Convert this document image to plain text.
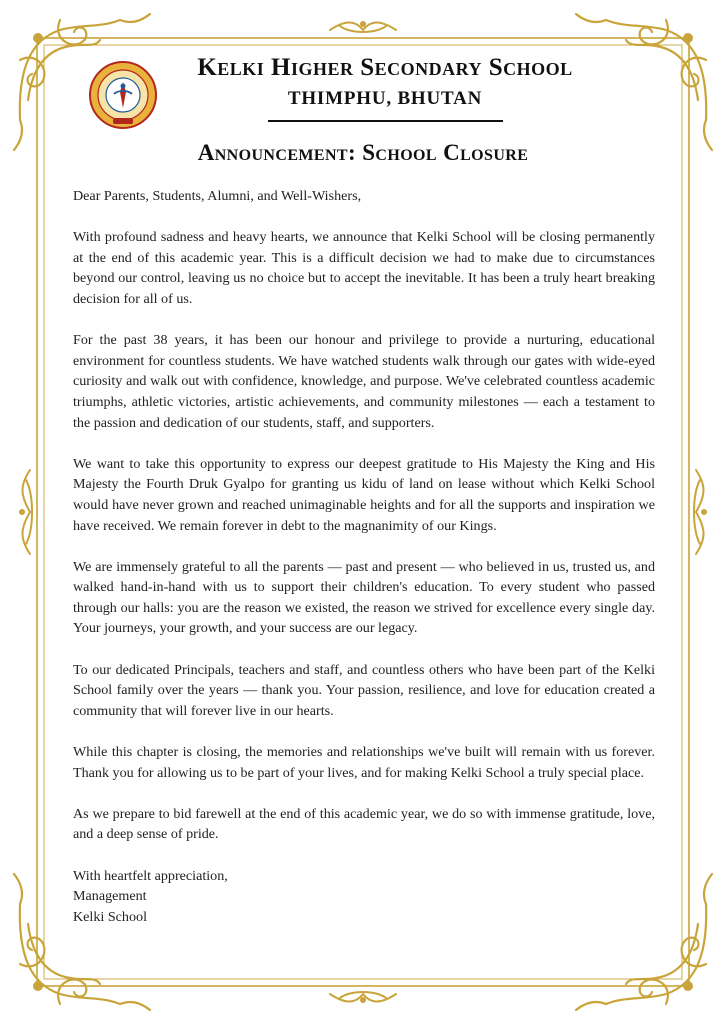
Kelki Higher Secondary School
THIMPHU, BHUTAN
Announcement: School Closure

Dear Parents, Students, Alumni, and Well-Wishers,

With profound sadness and heavy hearts, we announce that Kelki School will be closing permanently at the end of this academic year. This is a difficult decision we had to make due to circumstances beyond our control, leaving us no choice but to accept the inevitable. It has been a truly heart breaking decision for all of us.

For the past 38 years, it has been our honour and privilege to provide a nurturing, educational environment for countless students. We have watched students walk through our gates with wide-eyed curiosity and walk out with confidence, knowledge, and purpose. We've celebrated countless academic triumphs, athletic victories, artistic achievements, and community milestones — each a testament to the passion and dedication of our students, staff, and supporters.

We want to take this opportunity to express our deepest gratitude to His Majesty the King and His Majesty the Fourth Druk Gyalpo for granting us kidu of land on lease without which Kelki School would have never grown and reached unimaginable heights and for all the supports and inspiration we have received. We remain forever in debt to the magnanimity of our Kings.

We are immensely grateful to all the parents — past and present — who believed in us, trusted us, and walked hand-in-hand with us to support their children's education. To every student who passed through our halls: you are the reason we existed, the reason we strived for excellence every single day. Your journeys, your growth, and your success are our legacy.

To our dedicated Principals, teachers and staff, and countless others who have been part of the Kelki School family over the years — thank you. Your passion, resilience, and love for education created a community that will forever live in our hearts.

While this chapter is closing, the memories and relationships we've built will remain with us forever. Thank you for allowing us to be part of your lives, and for making Kelki School a truly special place.

As we prepare to bid farewell at the end of this academic year, we do so with immense gratitude, love, and a deep sense of pride.

With heartfelt appreciation,
Management
Kelki School
